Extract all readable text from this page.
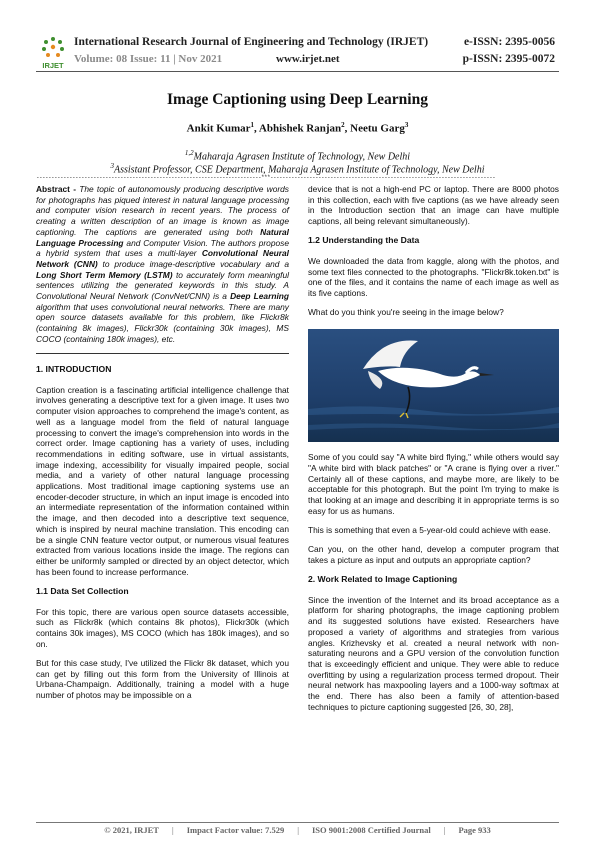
IRJET
International Research Journal of Engineering and Technology (IRJET)
Volume: 08 Issue: 11 | Nov 2021	www.irjet.net
e-ISSN: 2395-0056
p-ISSN: 2395-0072
Image Captioning using Deep Learning
Ankit Kumar$^1$, Abhishek Ranjan$^2$, Neetu Garg$^3$
$^{1,2}$Maharaja Agrasen Institute of Technology, New Delhi
$^3$Assistant Professor, CSE Department, Maharaja Agrasen Institute of Technology, New Delhi
---------------------------------------------------------------------------***---------------------------------------------------------------------------

Abstract - The topic of autonomously producing descriptive words for photographs has piqued interest in natural language processing and computer vision research in recent years. The process of creating a written description of an image is known as image captioning. The captions are generated using both Natural Language Processing and Computer Vision. The authors propose a hybrid system that uses a multi-layer Convolutional Neural Network (CNN) to produce image-descriptive vocabulary and a Long Short Term Memory (LSTM) to accurately form meaningful sentences utilizing the generated keywords in this study. A Convolutional Neural Network (ConvNet/CNN) is a Deep Learning algorithm that uses convolutional neural networks. There are many open source datasets available for this problem, like Flickr8k (containing 8k images), Flickr30k (containing 30k images), MS COCO (containing 180k images), etc.

1. INTRODUCTION

Caption creation is a fascinating artificial intelligence challenge that involves generating a descriptive text for a given image. It uses two computer vision approaches to comprehend the image's content, as well as a language model from the field of natural language processing to convert the image's comprehension into words in the correct order. Image captioning has a variety of uses, including recommendations in editing software, use in virtual assistants, image indexing, accessibility for visually impaired people, social media, and a variety of other natural language processing applications. Most traditional image captioning systems use an encoder-decoder structure, in which an input image is encoded into an intermediate representation of the information contained within the image, and then decoded into a descriptive text sequence, which is inspired by neural machine translation. This encoding can be a single CNN feature vector output, or numerous visual features extracted from various locations inside the image. The regions can either be uniformly sampled or directed by an object detector, which has been found to increase performance.

1.1 Data Set Collection

For this topic, there are various open source datasets accessible, such as Flickr8k (which contains 8k photos), Flickr30k (which contains 30k images), MS COCO (which has 180k images), and so on.

But for this case study, I've utilized the Flickr 8k dataset, which you can get by filling out this form from the University of Illinois at Urbana-Champaign. Additionally, training a model with a huge number of photos may be impossible on a

device that is not a high-end PC or laptop. There are 8000 photos in this collection, each with five captions (as we have already seen in the Introduction section that an image can have multiple captions, all being relevant simultaneously).

1.2 Understanding the Data

We downloaded the data from kaggle, along with the photos, and some text files connected to the photographs. "Flickr8k.token.txt" is one of the files, and it contains the name of each image as well as its five captions.

What do you think you're seeing in the image below?

Some of you could say "A white bird flying," while others would say "A white bird with black patches" or "A crane is flying over a river." Certainly all of these captions, and maybe more, are likely to be acceptable for this photograph. But the point I'm trying to make is that looking at an image and describing it in appropriate terms is so easy for us as humans.

This is something that even a 5-year-old could achieve with ease.

Can you, on the other hand, develop a computer program that takes a picture as input and outputs an appropriate caption?

2. Work Related to Image Captioning

Since the invention of the Internet and its broad acceptance as a platform for sharing photographs, the image captioning problem and its suggested solutions have existed. Researchers have proposed a variety of algorithms and strategies from various angles. Krizhevsky et al. created a neural network with non-saturating neurons and a GPU version of the convolution function that is exceedingly efficient and unique. They were able to reduce overfitting by using a regularization process termed dropout. Their neural network has maxpooling layers and a 1000-way softmax at the end. There has also been a family of attention-based techniques to picture captioning suggested [26, 30, 28],

© 2021, IRJET | Impact Factor value: 7.529 | ISO 9001:2008 Certified Journal | Page 933
